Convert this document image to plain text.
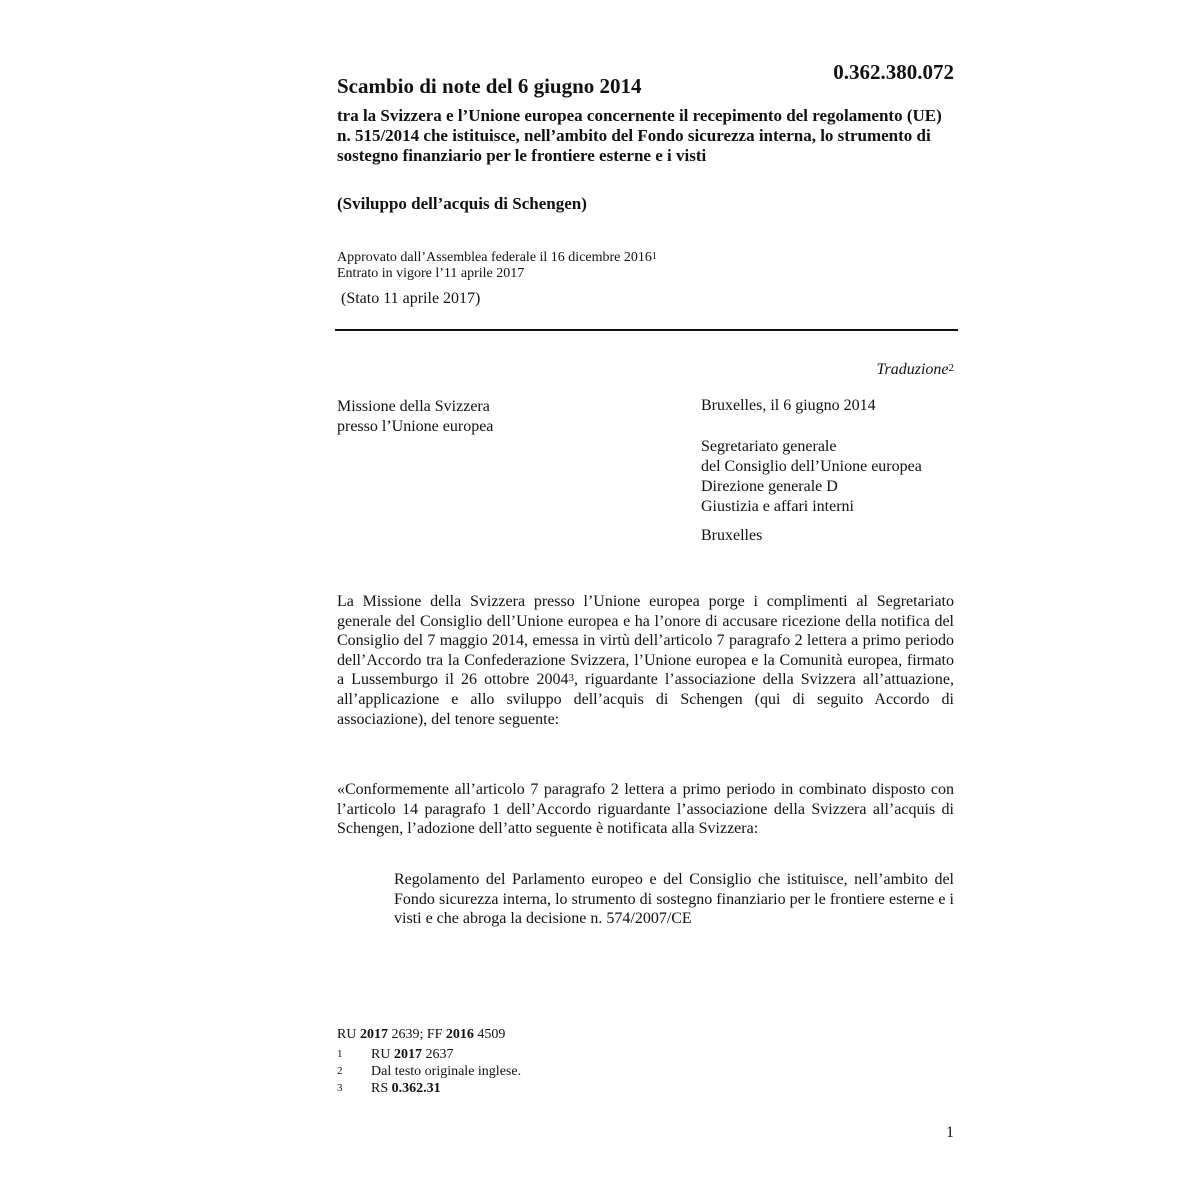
0.362.380.072
Scambio di note del 6 giugno 2014
tra la Svizzera e l’Unione europea concernente il recepimento del regolamento (UE) n. 515/2014 che istituisce, nell’ambito del Fondo sicurezza interna, lo strumento di sostegno finanziario per le frontiere esterne e i visti
(Sviluppo dell’acquis di Schengen)
Approvato dall’Assemblea federale il 16 dicembre 2016$^1$
Entrato in vigore l’11 aprile 2017
(Stato 11 aprile 2017)
Traduzione$^2$
Missione della Svizzera
presso l’Unione europea
Bruxelles, il 6 giugno 2014
Segretariato generale
del Consiglio dell’Unione europea
Direzione generale D
Giustizia e affari interni
Bruxelles
La Missione della Svizzera presso l’Unione europea porge i complimenti al Segretariato generale del Consiglio dell’Unione europea e ha l’onore di accusare ricezione della notifica del Consiglio del 7 maggio 2014, emessa in virtù dell’articolo 7 paragrafo 2 lettera a primo periodo dell’Accordo tra la Confederazione Svizzera, l’Unione europea e la Comunità europea, firmato a Lussemburgo il 26 ottobre 2004$^3$, riguardante l’associazione della Svizzera all’attuazione, all’applicazione e allo sviluppo dell’acquis di Schengen (qui di seguito Accordo di associazione), del tenore seguente:
«Conformemente all’articolo 7 paragrafo 2 lettera a primo periodo in combinato disposto con l’articolo 14 paragrafo 1 dell’Accordo riguardante l’associazione della Svizzera all’acquis di Schengen, l’adozione dell’atto seguente è notificata alla Svizzera:
Regolamento del Parlamento europeo e del Consiglio che istituisce, nell’ambito del Fondo sicurezza interna, lo strumento di sostegno finanziario per le frontiere esterne e i visti e che abroga la decisione n. 574/2007/CE
RU 2017 2639; FF 2016 4509
1 RU 2017 2637
2 Dal testo originale inglese.
3 RS 0.362.31
1
